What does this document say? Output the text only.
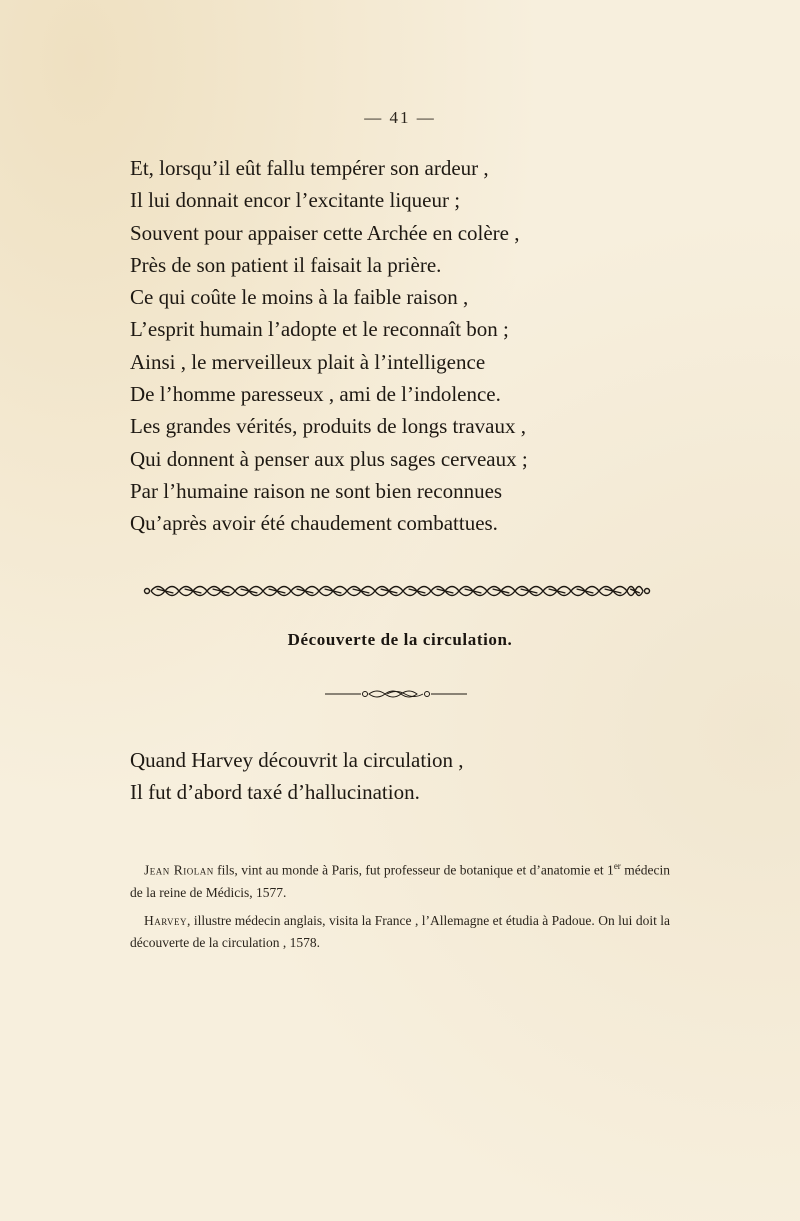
— 41 —
Et, lorsqu’il eût fallu tempérer son ardeur ,
Il lui donnait encor l’excitante liqueur ;
Souvent pour appaiser cette Archée en colère ,
Près de son patient il faisait la prière.
Ce qui coûte le moins à la faible raison ,
L’esprit humain l’adopte et le reconnaît bon ;
Ainsi , le merveilleux plait à l’intelligence
De l’homme paresseux , ami de l’indolence.
Les grandes vérités, produits de longs travaux ,
Qui donnent à penser aux plus sages cerveaux ;
Par l’humaine raison ne sont bien reconnues
Qu’après avoir été chaudement combattues.
Découverte de la circulation.
Quand Harvey découvrit la circulation ,
Il fut d’abord taxé d’hallucination.

Jean Riolan fils, vint au monde à Paris, fut professeur de botanique et d’anatomie et 1er médecin de la reine de Médicis, 1577.

Harvey, illustre médecin anglais, visita la France , l’Allemagne et étudia à Padoue. On lui doit la découverte de la circulation , 1578.
